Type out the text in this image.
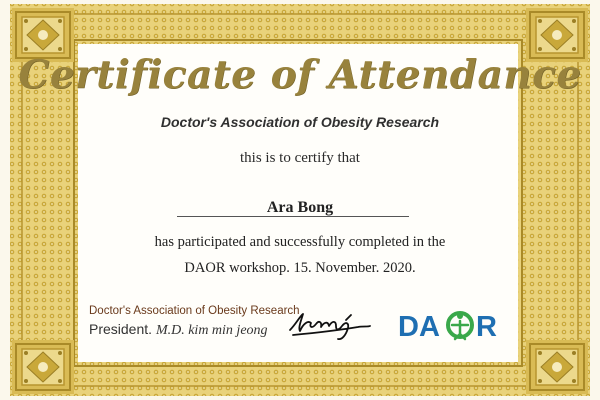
Certificate of Attendance
Doctor's Association of Obesity Research
this is to certify that
Ara Bong
has participated and successfully completed in the
DAOR workshop. 15. November. 2020.
Doctor's Association of Obesity Research
President. M.D. kim min jeong	DA R
